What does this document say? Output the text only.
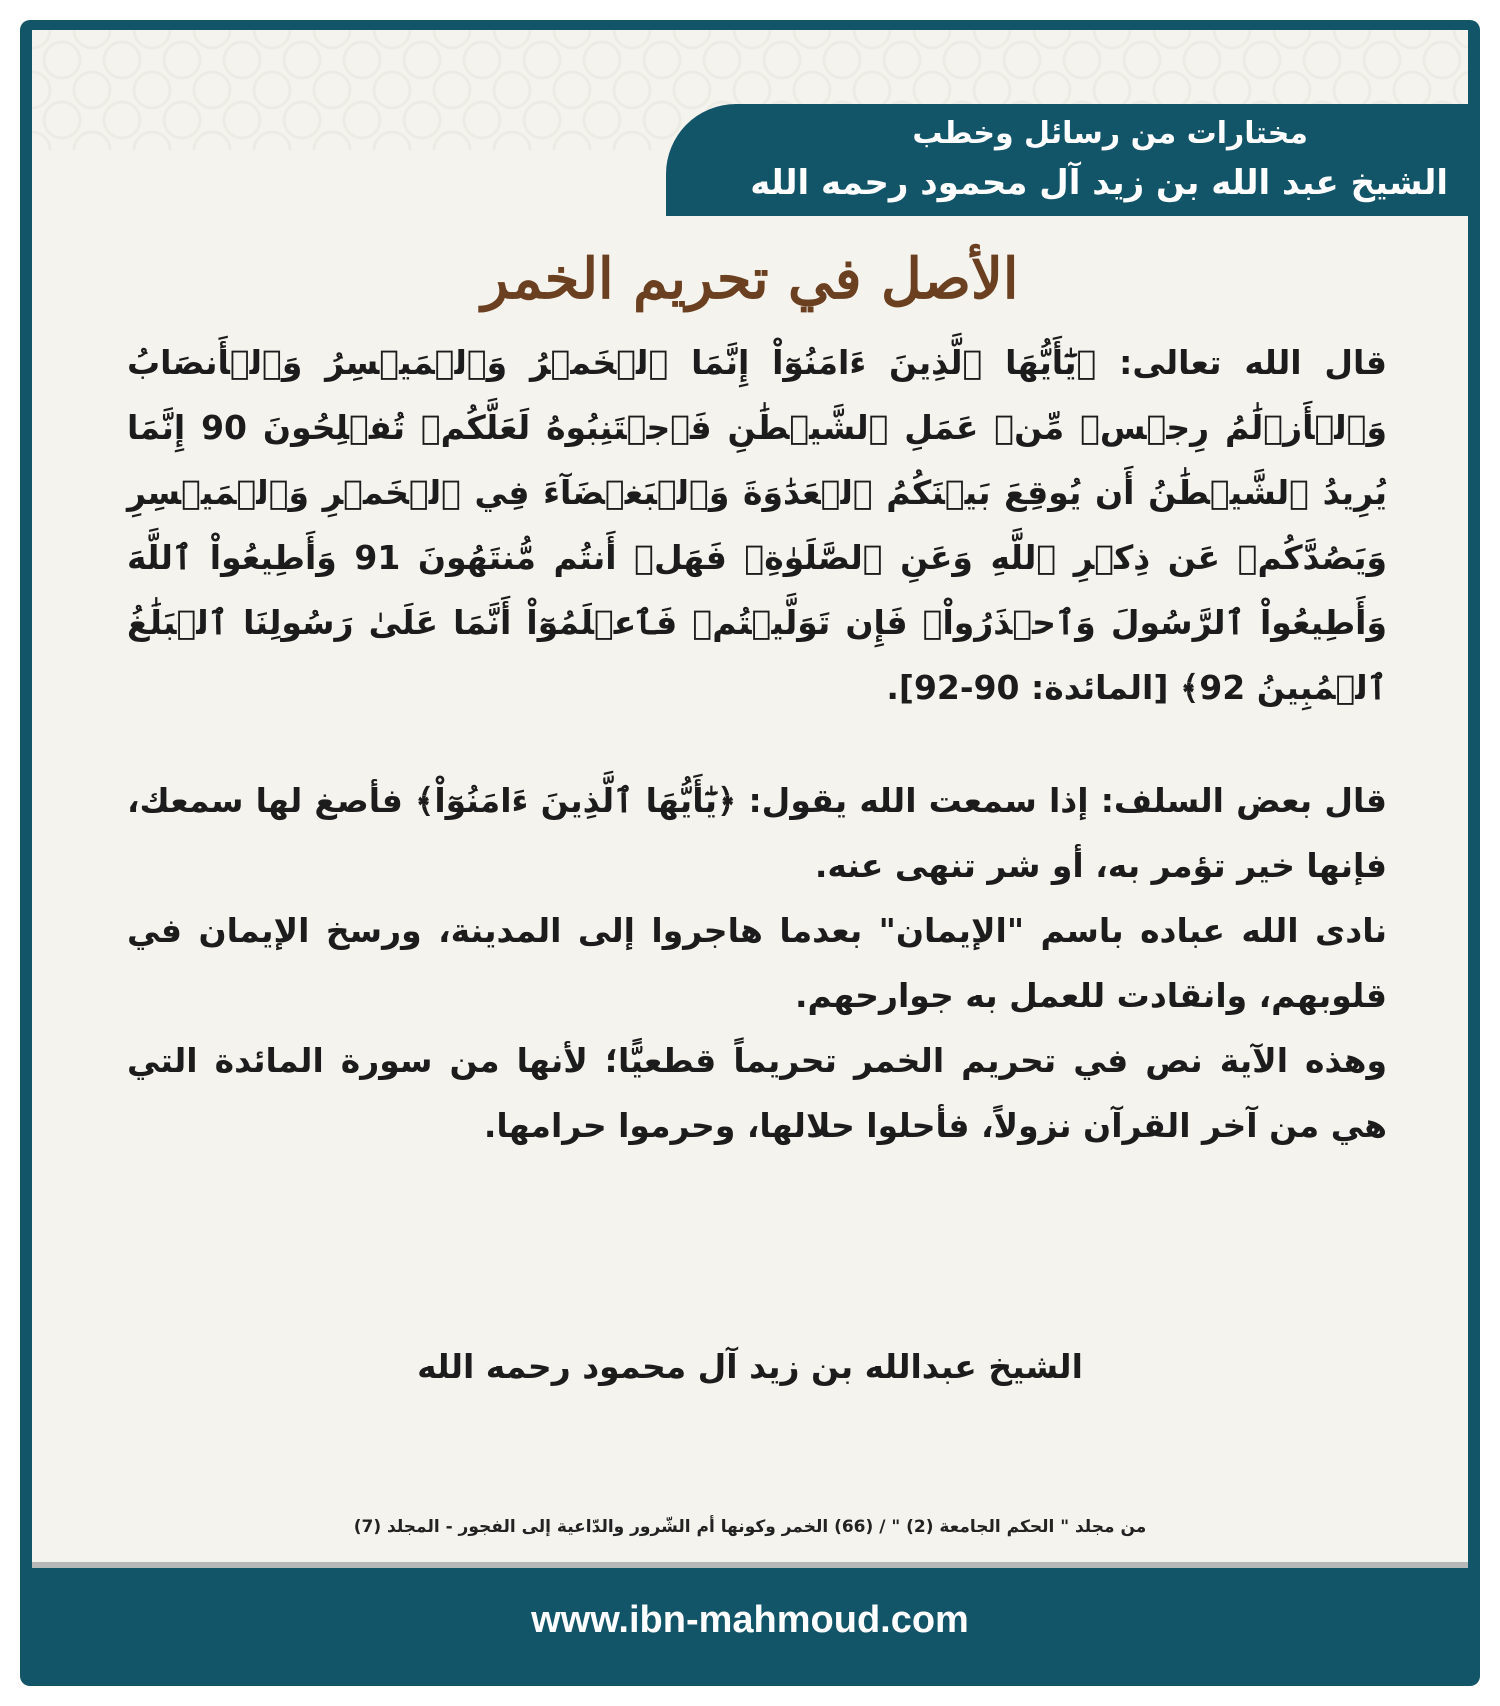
مختارات من رسائل وخطب
الشيخ عبد الله بن زيد آل محمود رحمه الله
الأصل في تحريم الخمر

قال الله تعالى: ﴿يَٰٓأَيُّهَا ٱلَّذِينَ ءَامَنُوٓاْ إِنَّمَا ٱلۡخَمۡرُ وَٱلۡمَيۡسِرُ وَٱلۡأَنصَابُ وَٱلۡأَزۡلَٰمُ رِجۡسٞ مِّنۡ عَمَلِ ٱلشَّيۡطَٰنِ فَٱجۡتَنِبُوهُ لَعَلَّكُمۡ تُفۡلِحُونَ 90 إِنَّمَا يُرِيدُ ٱلشَّيۡطَٰنُ أَن يُوقِعَ بَيۡنَكُمُ ٱلۡعَدَٰوَةَ وَٱلۡبَغۡضَآءَ فِي ٱلۡخَمۡرِ وَٱلۡمَيۡسِرِ وَيَصُدَّكُمۡ عَن ذِكۡرِ ٱللَّهِ وَعَنِ ٱلصَّلَوٰةِۖ فَهَلۡ أَنتُم مُّنتَهُونَ 91 وَأَطِيعُواْ ٱللَّهَ وَأَطِيعُواْ ٱلرَّسُولَ وَٱحۡذَرُواْۚ فَإِن تَوَلَّيۡتُمۡ فَٱعۡلَمُوٓاْ أَنَّمَا عَلَىٰ رَسُولِنَا ٱلۡبَلَٰغُ ٱلۡمُبِينُ 92﴾ [المائدة: 90-92].

قال بعض السلف: إذا سمعت الله يقول: ﴿يَٰٓأَيُّهَا ٱلَّذِينَ ءَامَنُوٓاْ﴾ فأصغ لها سمعك، فإنها خير تؤمر به، أو شر تنهى عنه.

نادى الله عباده باسم "الإيمان" بعدما هاجروا إلى المدينة، ورسخ الإيمان في قلوبهم، وانقادت للعمل به جوارحهم.

وهذه الآية نص في تحريم الخمر تحريماً قطعيًّا؛ لأنها من سورة المائدة التي هي من آخر القرآن نزولاً، فأحلوا حلالها، وحرموا حرامها.

الشيخ عبدالله بن زيد آل محمود رحمه الله
من مجلد " الحكم الجامعة (2) " / (66) الخمر وكونها أم الشّرور والدّاعية إلى الفجور - المجلد (7)
www.ibn-mahmoud.com
